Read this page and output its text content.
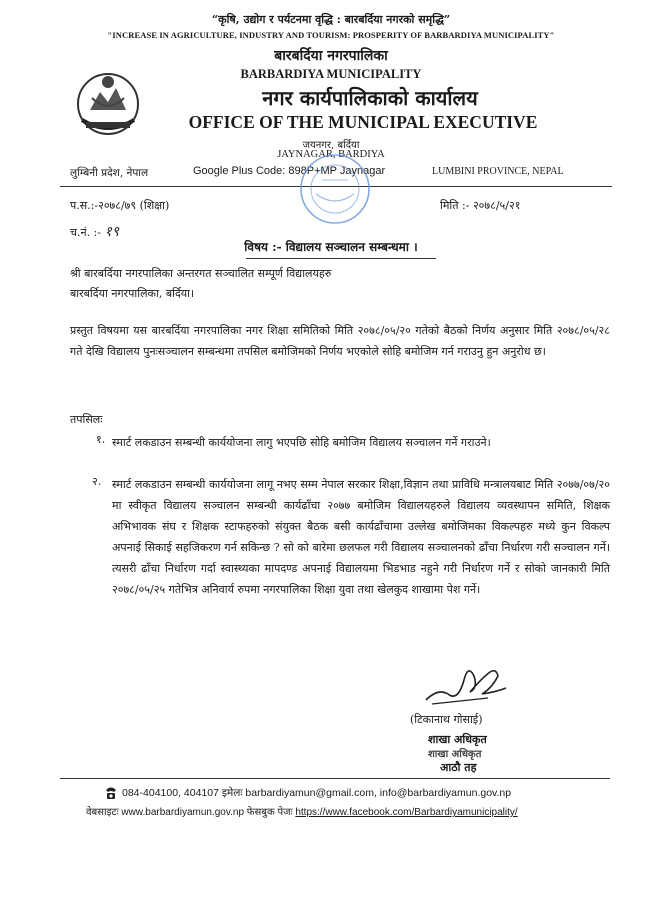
“कृषि, उद्योग र पर्यटनमा वृद्धि : बारबर्दिया नगरको समृद्धि”
"INCREASE IN AGRICULTURE, INDUSTRY AND TOURISM: PROSPERITY OF BARBARDIYA MUNICIPALITY"
बारबर्दिया नगरपालिका
BARBARDIYA MUNICIPALITY
नगर कार्यपालिकाको कार्यालय
OFFICE OF THE MUNICIPAL EXECUTIVE
जयनगर, बर्दिया
JAYNAGAR, BARDIYA
लुम्बिनी प्रदेश, नेपाल	Google Plus Code: 898P+MP Jaynagar	LUMBINI PROVINCE, NEPAL
प.स.:-२०७८/७९ (शिक्षा)	मिति :- २०७८/५/२१
च.नं. :- १९
विषय :- विद्यालय सञ्चालन सम्बन्धमा ।
श्री बारबर्दिया नगरपालिका अन्तरगत सञ्चालित सम्पूर्ण विद्यालयहरु
बारबर्दिया नगरपालिका, बर्दिया।
प्रस्तुत विषयमा यस बारबर्दिया नगरपालिका नगर शिक्षा समितिको मिति २०७८/०५/२० गतेको बैठको निर्णय अनुसार मिति २०७८/०५/२८ गते देखि विद्यालय पुनःसञ्चालन सम्बन्धमा तपसिल बमोजिमको निर्णय भएकोले सोहि बमोजिम गर्न गराउनु हुन अनुरोध छ।
तपसिलः
१. स्मार्ट लकडाउन सम्बन्धी कार्ययोजना लागु भएपछि सोहि बमोजिम विद्यालय सञ्चालन गर्ने गराउने।
२. स्मार्ट लकडाउन सम्बन्धी कार्ययोजना लागू नभए सम्म नेपाल सरकार शिक्षा,विज्ञान तथा प्राविधि मन्त्रालयबाट मिति २०७७/०७/२० मा स्वीकृत विद्यालय सञ्चालन सम्बन्धी कार्यढाँचा २०७७ बमोजिम विद्यालयहरुले विद्यालय व्यवस्थापन समिति, शिक्षक अभिभावक संघ र शिक्षक स्टाफहरुको संयुक्त बैठक बसी कार्यढाँचामा उल्लेख बमोजिमका विकल्पहरु मध्ये कुन विकल्प अपनाई सिकाई सहजिकरण गर्न सकिन्छ ? सो को बारेमा छलफल गरी विद्यालय सञ्चालनको ढाँचा निर्धारण गरी सञ्चालन गर्ने। त्यसरी ढाँचा निर्धारण गर्दा स्वास्थ्यका मापदण्ड अपनाई विद्यालयमा भिडभाड नहुने गरी निर्धारण गर्ने र सोको जानकारी मिति २०७८/०५/२५ गतेभित्र अनिवार्य रुपमा नगरपालिका शिक्षा युवा तथा खेलकुद शाखामा पेश गर्ने।
(टिकानाथ गोसाई)
शाखा अधिकृत
शाखा अधिकृत
आठौ तह
084-404100, 404107 इमेलः barbardiyamun@gmail.com, info@barbardiyamun.gov.np
वेबसाइटः www.barbardiyamun.gov.np फेसबुक पेजः https://www.facebook.com/Barbardiyamunicipality/
